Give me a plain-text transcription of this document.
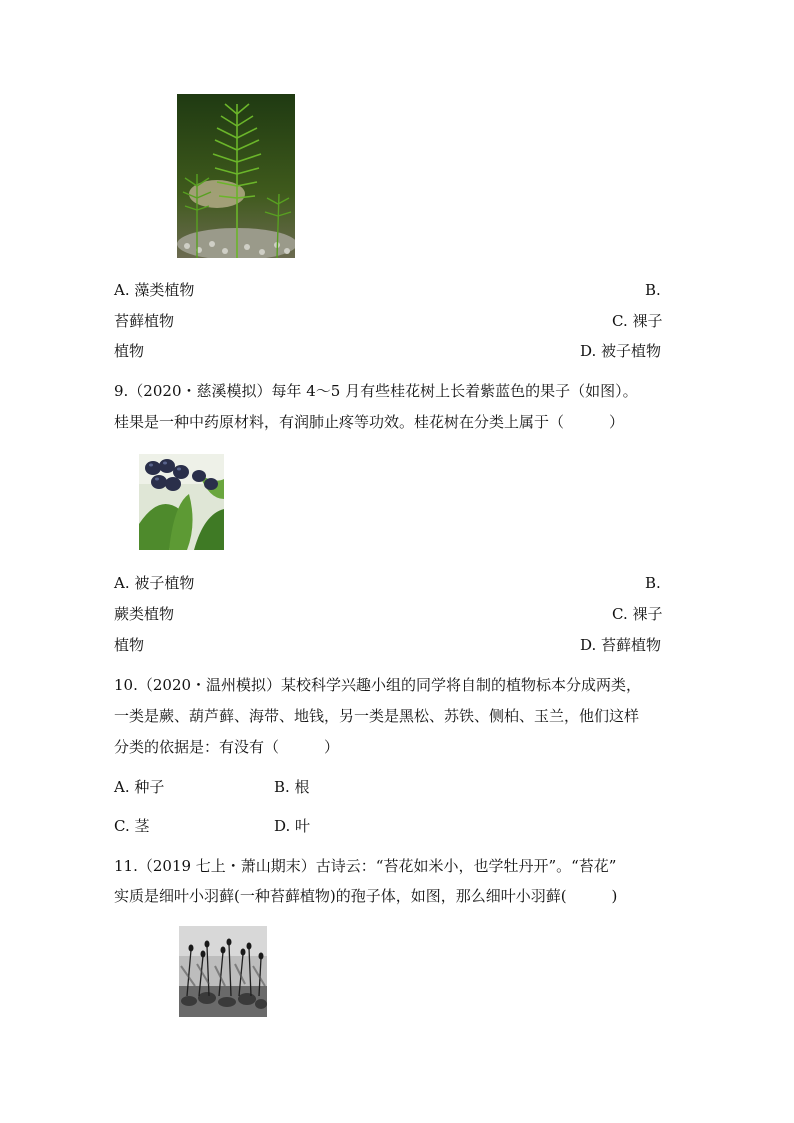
A. 藻类植物	B.
苔藓植物	C. 裸子
植物	D. 被子植物
9.（2020・慈溪模拟）每年 4～5 月有些桂花树上长着紫蓝色的果子（如图）。
桂果是一种中药原材料，有润肺止疼等功效。桂花树在分类上属于（　　　）
A. 被子植物	B.
蕨类植物	C. 裸子
植物	D. 苔藓植物
10.（2020・温州模拟）某校科学兴趣小组的同学将自制的植物标本分成两类，
一类是蕨、葫芦藓、海带、地钱，另一类是黑松、苏铁、侧柏、玉兰，他们这样
分类的依据是：有没有（　　　）
A. 种子	B. 根
C. 茎	D. 叶
11.（2019 七上・萧山期末）古诗云：“苔花如米小，也学牡丹开”。“苔花”
实质是细叶小羽藓(一种苔藓植物)的孢子体，如图，那么细叶小羽藓(　　　)
